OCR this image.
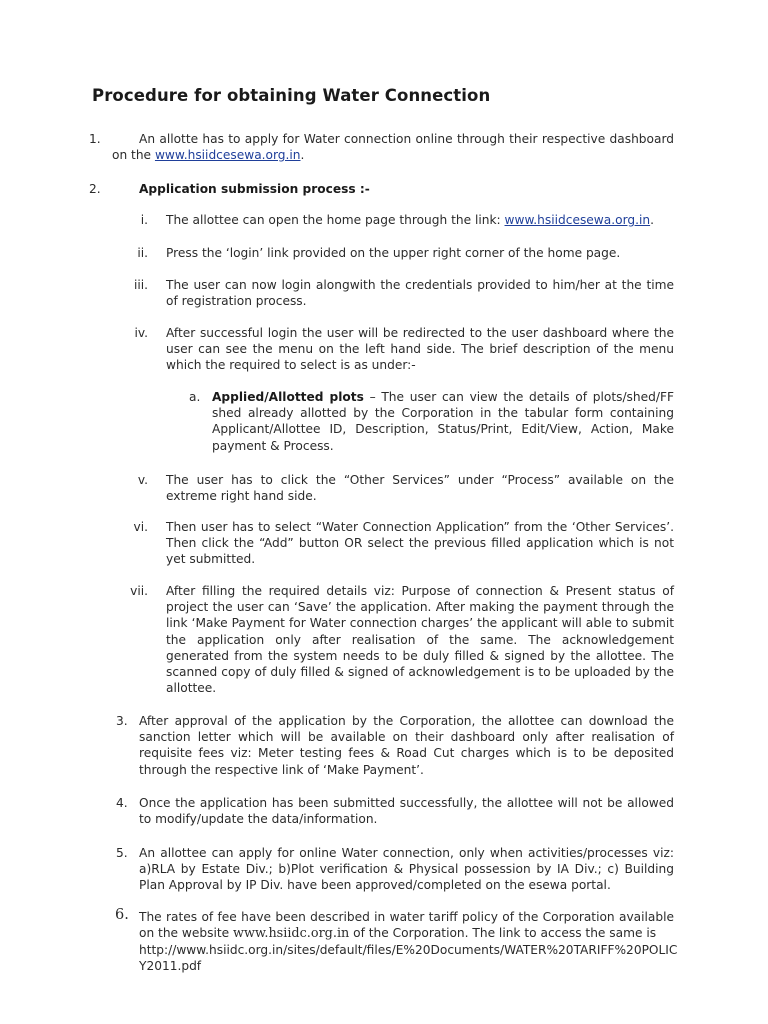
Procedure for obtaining Water Connection
1.	An allotte has to apply for Water connection online through their respective dashboard on the www.hsiidcesewa.org.in.
2.	Application submission process :-
i. The allottee can open the home page through the link: www.hsiidcesewa.org.in.
ii. Press the ‘login’ link provided on the upper right corner of the home page.
iii. The user can now login alongwith the credentials provided to him/her at the time of registration process.
iv. After successful login the user will be redirected to the user dashboard where the user can see the menu on the left hand side. The brief description of the menu which the required to select is as under:-
a. Applied/Allotted plots – The user can view the details of plots/shed/FF shed already allotted by the Corporation in the tabular form containing Applicant/Allottee ID, Description, Status/Print, Edit/View, Action, Make payment & Process.
v. The user has to click the “Other Services” under “Process” available on the extreme right hand side.
vi. Then user has to select “Water Connection Application” from the ‘Other Services’. Then click the “Add” button OR select the previous filled application which is not yet submitted.
vii. After filling the required details viz: Purpose of connection & Present status of project the user can ‘Save’ the application. After making the payment through the link ‘Make Payment for Water connection charges’ the applicant will able to submit the application only after realisation of the same. The acknowledgement generated from the system needs to be duly filled & signed by the allottee. The scanned copy of duly filled & signed of acknowledgement is to be uploaded by the allottee.
3. After approval of the application by the Corporation, the allottee can download the sanction letter which will be available on their dashboard only after realisation of requisite fees viz: Meter testing fees & Road Cut charges which is to be deposited through the respective link of ‘Make Payment’.
4. Once the application has been submitted successfully, the allottee will not be allowed to modify/update the data/information.
5. An allottee can apply for online Water connection, only when activities/processes viz: a)RLA by Estate Div.; b)Plot verification & Physical possession by IA Div.; c) Building Plan Approval by IP Div. have been approved/completed on the esewa portal.
6. The rates of fee have been described in water tariff policy of the Corporation available on the website www.hsiidc.org.in of the Corporation. The link to access the same is
http://www.hsiidc.org.in/sites/default/files/E%20Documents/WATER%20TARIFF%20POLICY2011.pdf
